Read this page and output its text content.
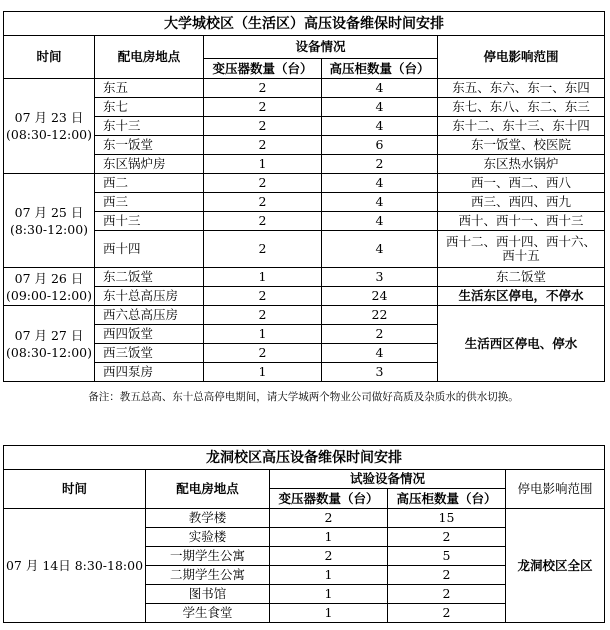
大学城校区（生活区）高压设备维保时间安排				
时间	配电房地点	设备情况		停电影响范围
		变压器数量（台）	高压柜数量（台）	

07 月 23 日
(08:30-12:00)	东五	2	4	东五、东六、东一、东四
	东七	2	4	东七、东八、东二、东三
	东十三	2	4	东十二、东十三、东十四
	东一饭堂	2	6	东一饭堂、校医院
	东区锅炉房	1	2	东区热水锅炉

07 月 25 日
(8:30-12:00)	西二	2	4	西一、西二、西八
	西三	2	4	西三、西四、西九
	西十三	2	4	西十、西十一、西十三
	西十四	2	4	西十二、西十四、西十六、
西十五

07 月 26 日
(09:00-12:00)	东二饭堂	1	3	东二饭堂
	东十总高压房	2	24	生活东区停电，不停水

07 月 27 日
(08:30-12:00)	西六总高压房	2	22	生活西区停电、停水
	西四饭堂	1	2	
	西三饭堂	2	4	
	西四泵房	1	3	
备注：教五总高、东十总高停电期间，请大学城两个物业公司做好高质及杂质水的供水切换。
龙洞校区高压设备维保时间安排				
时间	配电房地点	试验设备情况		停电影响范围
		变压器数量（台）	高压柜数量（台）	
07 月 14日 8:30-18:00	教学楼	2	15	龙洞校区全区
	实验楼	1	2	
	一期学生公寓	2	5	
	二期学生公寓	1	2	
	图书馆	1	2	
	学生食堂	1	2	
